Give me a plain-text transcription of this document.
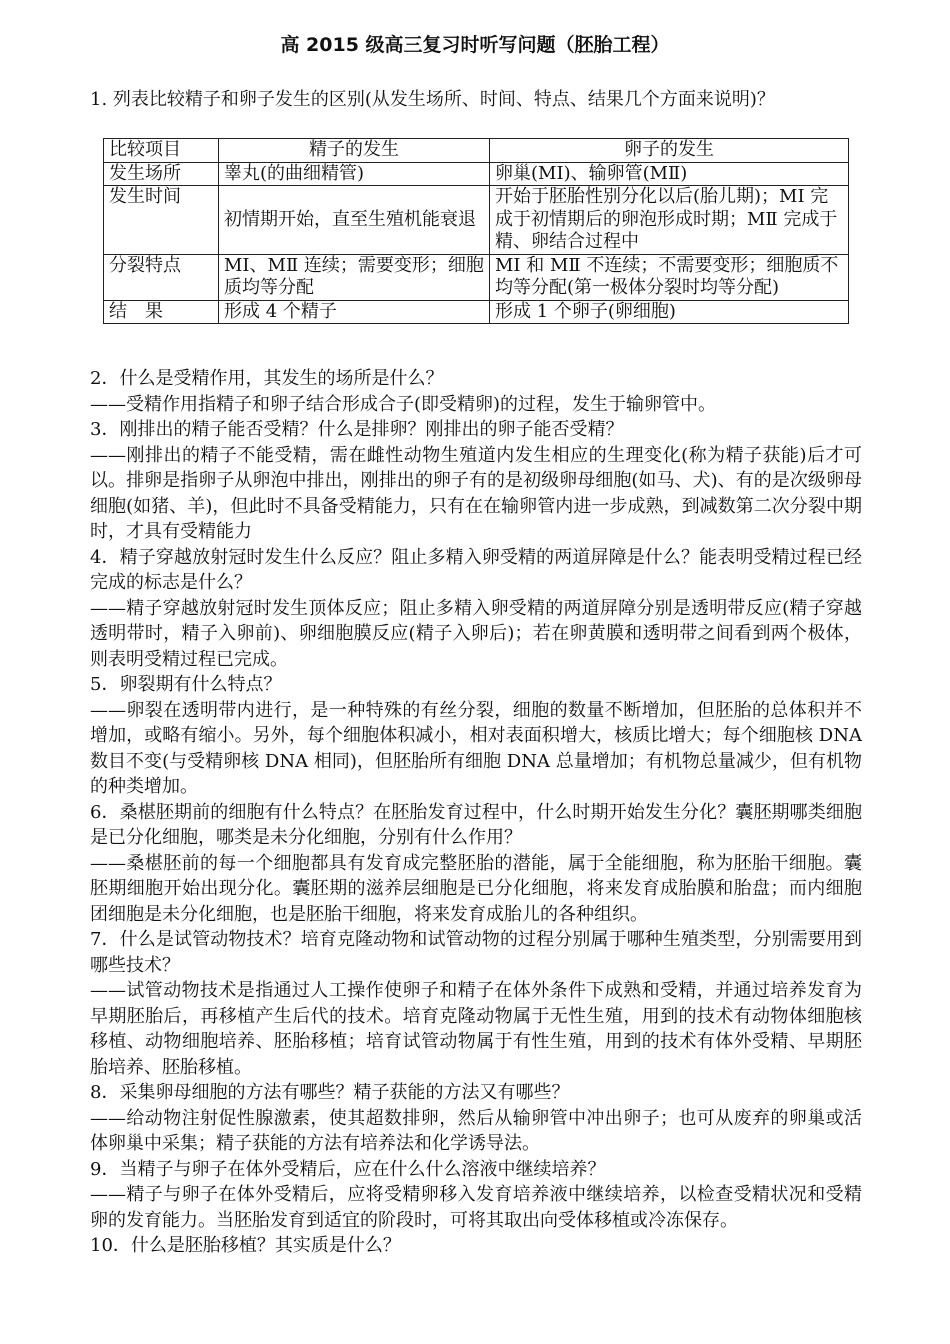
高 2015 级高三复习时听写问题（胚胎工程）
1. 列表比较精子和卵子发生的区别(从发生场所、时间、特点、结果几个方面来说明)？
比较项目	精子的发生	卵子的发生
发生场所	睾丸(的曲细精管)	卵巢(MⅠ)、输卵管(MⅡ)
发生时间	初情期开始，直至生殖机能衰退	开始于胚胎性别分化以后(胎儿期)；MⅠ 完成于初情期后的卵泡形成时期；MⅡ 完成于精、卵结合过程中
分裂特点	MⅠ、MⅡ 连续；需要变形；细胞质均等分配	MⅠ 和 MⅡ 不连续；不需要变形；细胞质不均等分配(第一极体分裂时均等分配)
结　果	形成 4 个精子	形成 1 个卵子(卵细胞)

2．什么是受精作用，其发生的场所是什么？

——受精作用指精子和卵子结合形成合子(即受精卵)的过程，发生于输卵管中。

3．刚排出的精子能否受精？什么是排卵？刚排出的卵子能否受精？

——刚排出的精子不能受精，需在雌性动物生殖道内发生相应的生理变化(称为精子获能)后才可以。排卵是指卵子从卵泡中排出，刚排出的卵子有的是初级卵母细胞(如马、犬)、有的是次级卵母细胞(如猪、羊)，但此时不具备受精能力，只有在在输卵管内进一步成熟，到减数第二次分裂中期时，才具有受精能力

4．精子穿越放射冠时发生什么反应？阻止多精入卵受精的两道屏障是什么？能表明受精过程已经完成的标志是什么？

——精子穿越放射冠时发生顶体反应；阻止多精入卵受精的两道屏障分别是透明带反应(精子穿越透明带时，精子入卵前)、卵细胞膜反应(精子入卵后)；若在卵黄膜和透明带之间看到两个极体，则表明受精过程已完成。

5．卵裂期有什么特点？

——卵裂在透明带内进行，是一种特殊的有丝分裂，细胞的数量不断增加，但胚胎的总体积并不增加，或略有缩小。另外，每个细胞体积减小，相对表面积增大，核质比增大；每个细胞核 DNA 数目不变(与受精卵核 DNA 相同)，但胚胎所有细胞 DNA 总量增加；有机物总量减少，但有机物的种类增加。

6．桑椹胚期前的细胞有什么特点？在胚胎发育过程中，什么时期开始发生分化？囊胚期哪类细胞是已分化细胞，哪类是未分化细胞，分别有什么作用？

——桑椹胚前的每一个细胞都具有发育成完整胚胎的潜能，属于全能细胞，称为胚胎干细胞。囊胚期细胞开始出现分化。囊胚期的滋养层细胞是已分化细胞，将来发育成胎膜和胎盘；而内细胞团细胞是未分化细胞，也是胚胎干细胞，将来发育成胎儿的各种组织。

7．什么是试管动物技术？培育克隆动物和试管动物的过程分别属于哪种生殖类型，分别需要用到哪些技术？

——试管动物技术是指通过人工操作使卵子和精子在体外条件下成熟和受精，并通过培养发育为早期胚胎后，再移植产生后代的技术。培育克隆动物属于无性生殖，用到的技术有动物体细胞核移植、动物细胞培养、胚胎移植；培育试管动物属于有性生殖，用到的技术有体外受精、早期胚胎培养、胚胎移植。

8．采集卵母细胞的方法有哪些？精子获能的方法又有哪些？

——给动物注射促性腺激素，使其超数排卵，然后从输卵管中冲出卵子；也可从废弃的卵巢或活体卵巢中采集；精子获能的方法有培养法和化学诱导法。

9．当精子与卵子在体外受精后，应在什么什么溶液中继续培养？

——精子与卵子在体外受精后，应将受精卵移入发育培养液中继续培养，以检查受精状况和受精卵的发育能力。当胚胎发育到适宜的阶段时，可将其取出向受体移植或冷冻保存。

10．什么是胚胎移植？其实质是什么？
